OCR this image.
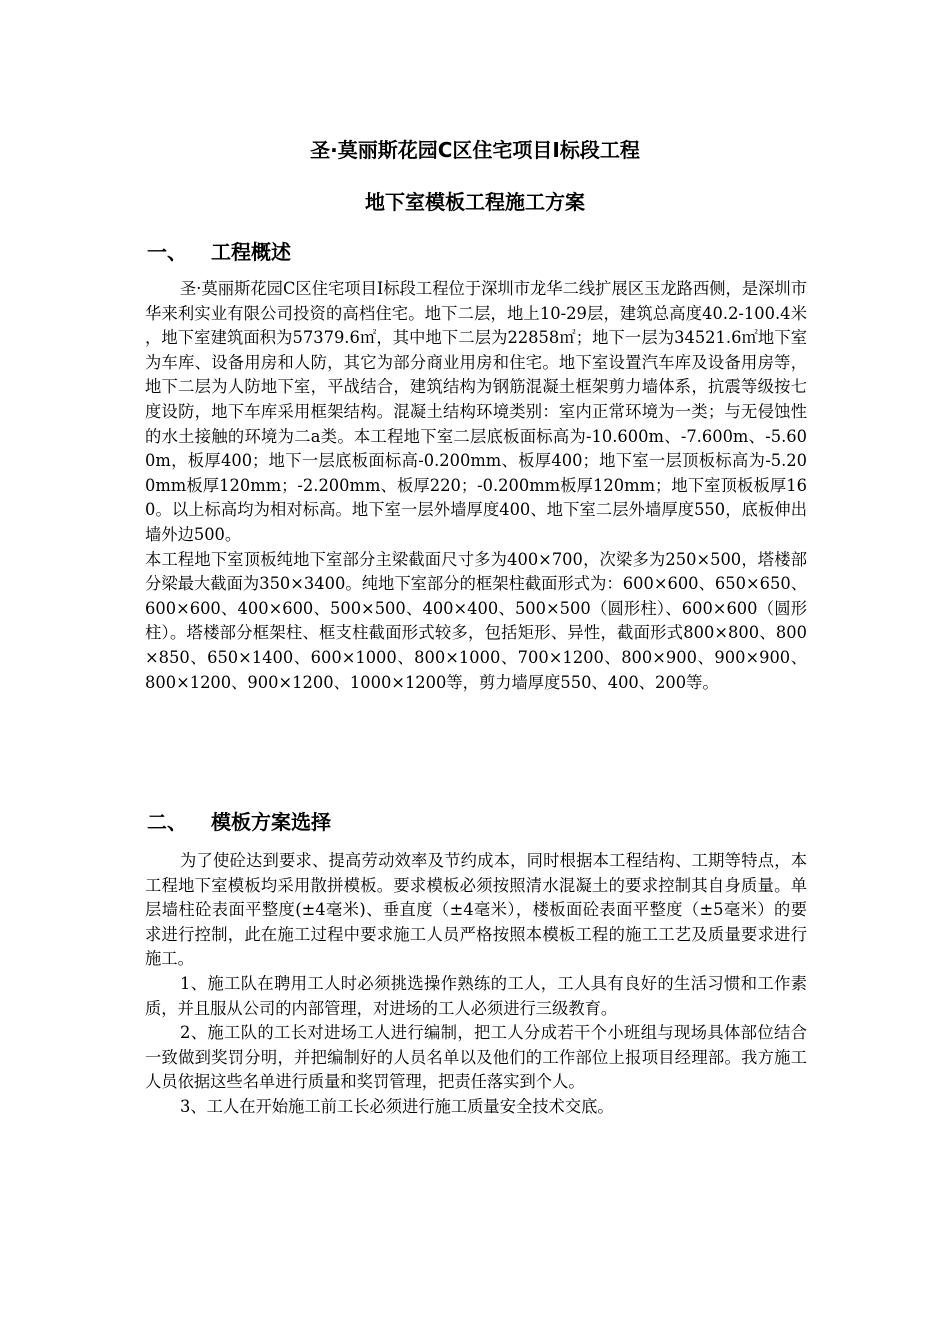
圣·莫丽斯花园C区住宅项目Ⅰ标段工程
地下室模板工程施工方案
一、 工程概述

圣·莫丽斯花园C区住宅项目Ⅰ标段工程位于深圳市龙华二线扩展区玉龙路西侧，是深圳市华来利实业有限公司投资的高档住宅。地下二层，地上10-29层，建筑总高度40.2-100.4米 ，地下室建筑面积为57379.6㎡，其中地下二层为22858㎡；地下一层为34521.6㎡地下室为车库、设备用房和人防，其它为部分商业用房和住宅。地下室设置汽车库及设备用房等，地下二层为人防地下室，平战结合，建筑结构为钢筋混凝土框架剪力墙体系，抗震等级按七度设防，地下车库采用框架结构。混凝土结构环境类别：室内正常环境为一类；与无侵蚀性的水土接触的环境为二a类。本工程地下室二层底板面标高为-10.600m、-7.600m、-5.600m，板厚400；地下一层底板面标高-0.200mm、板厚400；地下室一层顶板标高为-5.200mm板厚120mm；-2.200mm、板厚220；-0.200mm板厚120mm；地下室顶板板厚160。以上标高均为相对标高。地下室一层外墙厚度400、地下室二层外墙厚度550，底板伸出墙外边500。

本工程地下室顶板纯地下室部分主梁截面尺寸多为400×700，次梁多为250×500，塔楼部分梁最大截面为350×3400。纯地下室部分的框架柱截面形式为：600×600、650×650、600×600、400×600、500×500、400×400、500×500（圆形柱）、600×600（圆形柱）。塔楼部分框架柱、框支柱截面形式较多，包括矩形、异性，截面形式800×800、800×850、650×1400、600×1000、800×1000、700×1200、800×900、900×900、800×1200、900×1200、1000×1200等，剪力墙厚度550、400、200等。

二、 模板方案选择

为了使砼达到要求、提高劳动效率及节约成本，同时根据本工程结构、工期等特点，本工程地下室模板均采用散拼模板。要求模板必须按照清水混凝土的要求控制其自身质量。单层墙柱砼表面平整度(±4毫米)、垂直度（±4毫米），楼板面砼表面平整度（±5毫米）的要求进行控制，此在施工过程中要求施工人员严格按照本模板工程的施工工艺及质量要求进行施工。

1、施工队在聘用工人时必须挑选操作熟练的工人，工人具有良好的生活习惯和工作素质，并且服从公司的内部管理，对进场的工人必须进行三级教育。

2、施工队的工长对进场工人进行编制，把工人分成若干个小班组与现场具体部位结合一致做到奖罚分明，并把编制好的人员名单以及他们的工作部位上报项目经理部。我方施工人员依据这些名单进行质量和奖罚管理，把责任落实到个人。

3、工人在开始施工前工长必须进行施工质量安全技术交底。
